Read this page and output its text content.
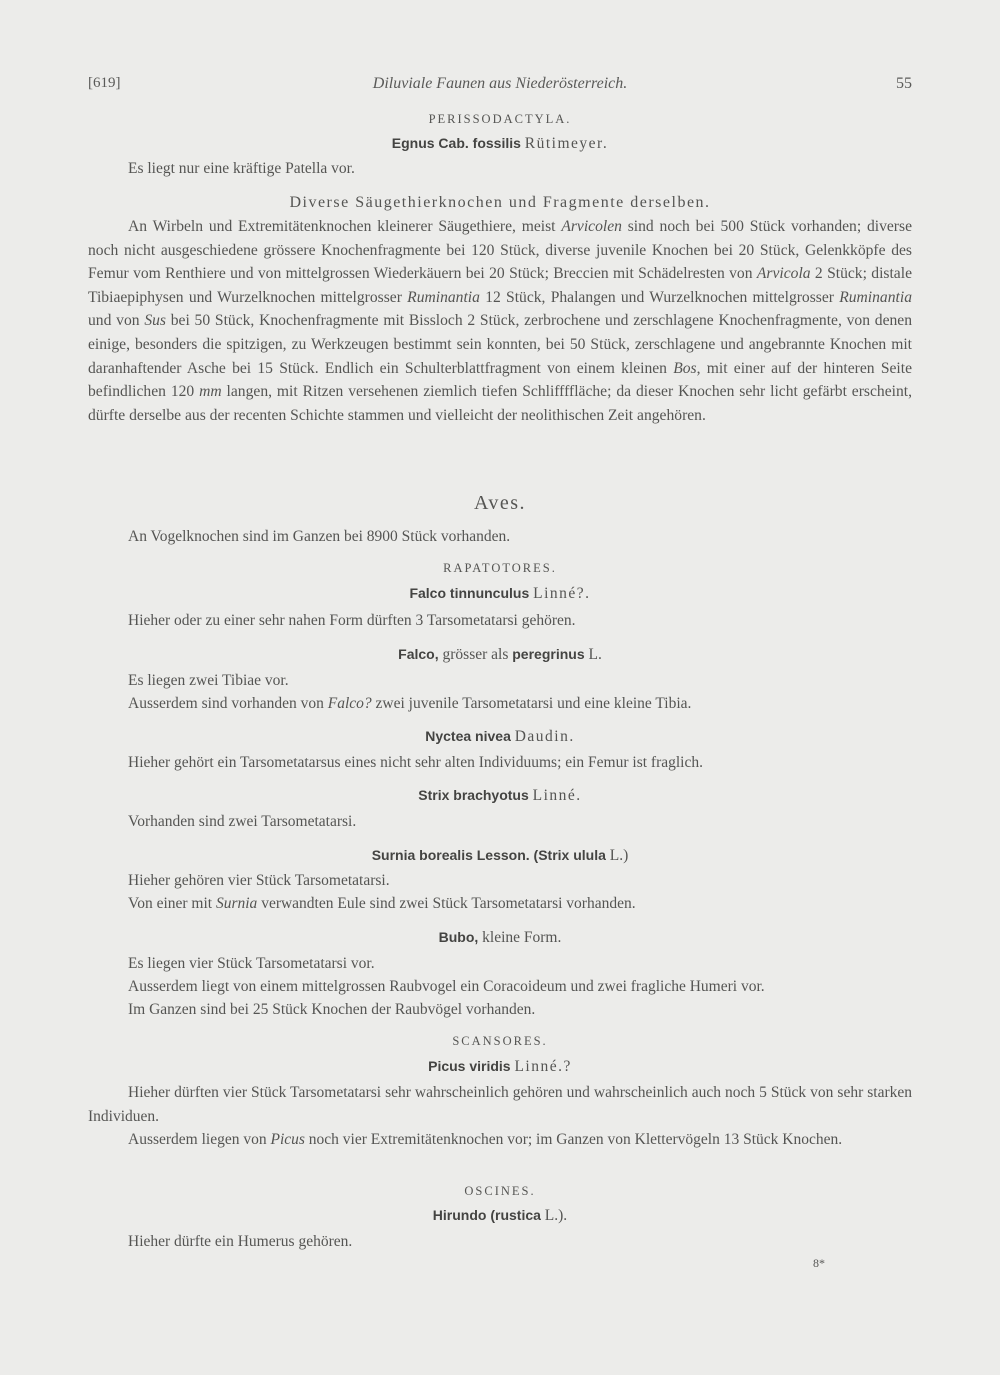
[619]	Diluviale Faunen aus Niederösterreich.	55
PERISSODACTYLA.
Egnus Cab. fossilis Rütimeyer.
Es liegt nur eine kräftige Patella vor.
Diverse Säugethierknochen und Fragmente derselben.
An Wirbeln und Extremitätenknochen kleinerer Säugethiere, meist Arvicolen sind noch bei 500 Stück vorhanden; diverse noch nicht ausgeschiedene grössere Knochenfragmente bei 120 Stück, diverse juvenile Knochen bei 20 Stück, Gelenkköpfe des Femur vom Renthiere und von mittelgrossen Wiederkäuern bei 20 Stück; Breccien mit Schädelresten von Arvicola 2 Stück; distale Tibiaepiphysen und Wurzelknochen mittelgrosser Ruminantia 12 Stück, Phalangen und Wurzelknochen mittelgrosser Ruminantia und von Sus bei 50 Stück, Knochenfragmente mit Bissloch 2 Stück, zerbrochene und zerschlagene Knochenfragmente, von denen einige, besonders die spitzigen, zu Werkzeugen bestimmt sein konnten, bei 50 Stück, zerschlagene und angebrannte Knochen mit daranhaftender Asche bei 15 Stück. Endlich ein Schulterblattfragment von einem kleinen Bos, mit einer auf der hinteren Seite befindlichen 120 mm langen, mit Ritzen versehenen ziemlich tiefen Schliffffläche; da dieser Knochen sehr licht gefärbt erscheint, dürfte derselbe aus der recenten Schichte stammen und vielleicht der neolithischen Zeit angehören.
Aves.
An Vogelknochen sind im Ganzen bei 8900 Stück vorhanden.
RAPATOTORES.
Falco tinnunculus Linné?.
Hieher oder zu einer sehr nahen Form dürften 3 Tarsometatarsi gehören.
Falco, grösser als peregrinus L.
Es liegen zwei Tibiae vor.
Ausserdem sind vorhanden von Falco? zwei juvenile Tarsometatarsi und eine kleine Tibia.
Nyctea nivea Daudin.
Hieher gehört ein Tarsometatarsus eines nicht sehr alten Individuums; ein Femur ist fraglich.
Strix brachyotus Linné.
Vorhanden sind zwei Tarsometatarsi.
Surnia borealis Lesson. (Strix ulula L.)
Hieher gehören vier Stück Tarsometatarsi.
Von einer mit Surnia verwandten Eule sind zwei Stück Tarsometatarsi vorhanden.
Bubo, kleine Form.
Es liegen vier Stück Tarsometatarsi vor.
Ausserdem liegt von einem mittelgrossen Raubvogel ein Coracoideum und zwei fragliche Humeri vor.
Im Ganzen sind bei 25 Stück Knochen der Raubvögel vorhanden.
SCANSORES.
Picus viridis Linné.?
Hieher dürften vier Stück Tarsometatarsi sehr wahrscheinlich gehören und wahrscheinlich auch noch 5 Stück von sehr starken Individuen.
Ausserdem liegen von Picus noch vier Extremitätenknochen vor; im Ganzen von Klettervögeln 13 Stück Knochen.
OSCINES.
Hirundo (rustica L.).
Hieher dürfte ein Humerus gehören.
8*
